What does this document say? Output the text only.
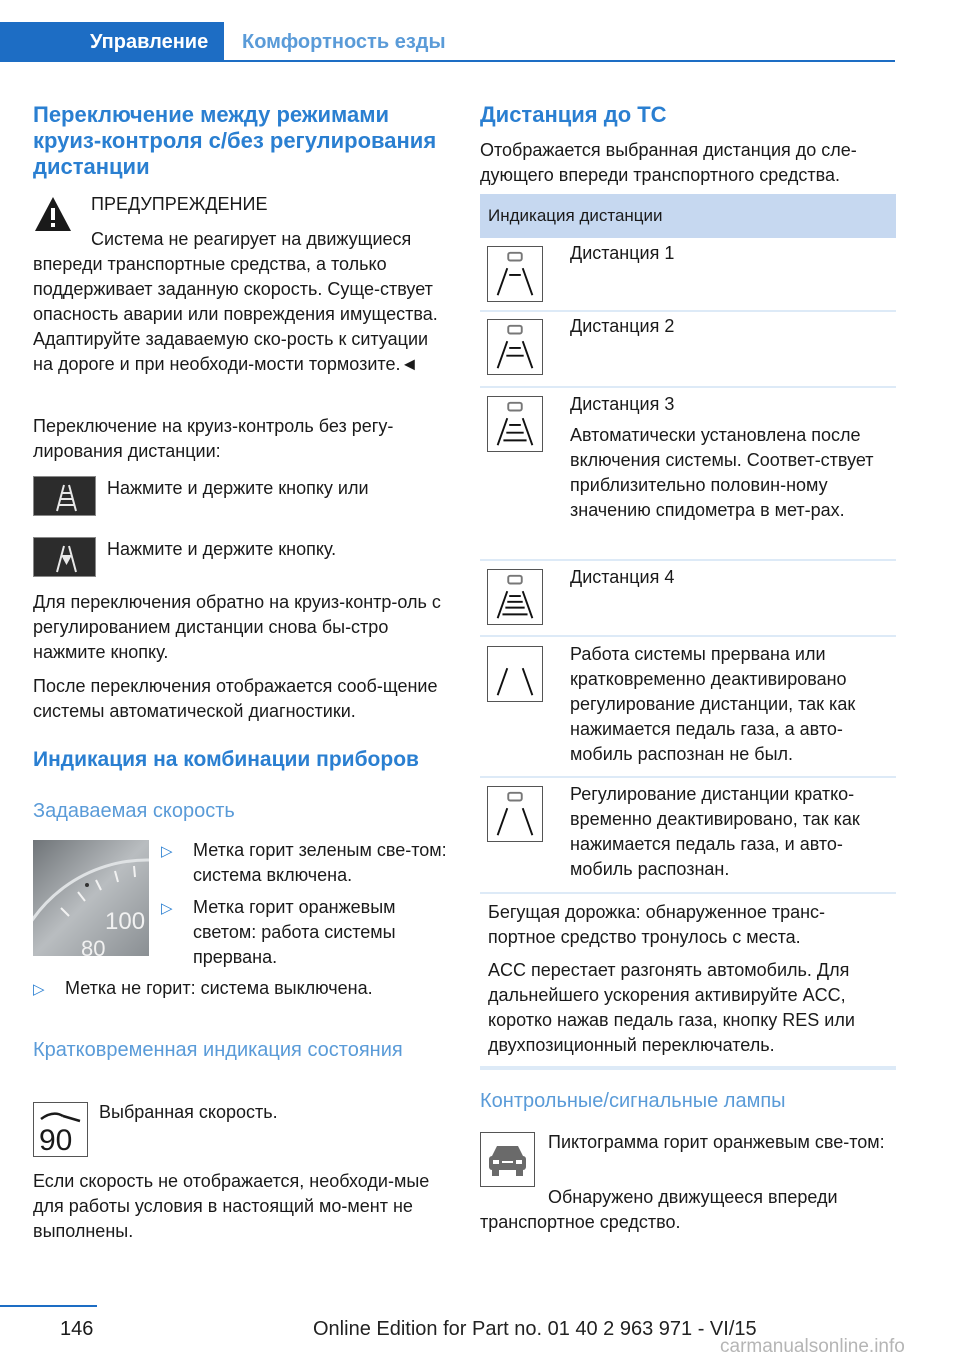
Управление	Комфортность езды
Переключение между режимами круиз-контроля с/без регулирования дистанции
ПРЕДУПРЕЖДЕНИЕ
Система не реагирует на движущиеся
впереди транспортные средства, а только поддерживает заданную скорость. Суще-ствует опасность аварии или повреждения имущества. Адаптируйте задаваемую ско-рость к ситуации на дороге и при необходи-мости тормозите.◄
Переключение на круиз-контроль без регу-лирования дистанции:
Нажмите и держите кнопку или
Нажмите и держите кнопку.
Для переключения обратно на круиз-контр-оль с регулированием дистанции снова бы-стро нажмите кнопку.
После переключения отображается сооб-щение системы автоматической диагностики.
Индикация на комбинации приборов
Задаваемая скорость
100
80
▷ Метка горит зеленым све-том: система включена.
▷ Метка горит оранжевым светом: работа системы прервана.
▷ Метка не горит: система выключена.
Кратковременная индикация состояния
90
Выбранная скорость.
Если скорость не отображается, необходи-мые для работы условия в настоящий мо-мент не выполнены.
Дистанция до ТС
Отображается выбранная дистанция до сле-дующего впереди транспортного средства.
Индикация дистанции
Дистанция 1
Дистанция 2
Дистанция 3
Автоматически установлена после включения системы. Соответ-ствует приблизительно половин-ному значению спидометра в мет-рах.
Дистанция 4
Работа системы прервана или кратковременно деактивировано регулирование дистанции, так как нажимается педаль газа, а авто-мобиль распознан не был.
Регулирование дистанции кратко-временно деактивировано, так как нажимается педаль газа, и авто-мобиль распознан.
Бегущая дорожка: обнаруженное транс-портное средство тронулось с места.
ACC перестает разгонять автомобиль. Для дальнейшего ускорения активируйте ACC, коротко нажав педаль газа, кнопку RES или двухпозиционный переключатель.
Контрольные/сигнальные лампы
Пиктограмма горит оранжевым све-том:
Обнаружено движущееся впереди
транспортное средство.
146	Online Edition for Part no. 01 40 2 963 971 - VI/15
carmanualsonline.info
